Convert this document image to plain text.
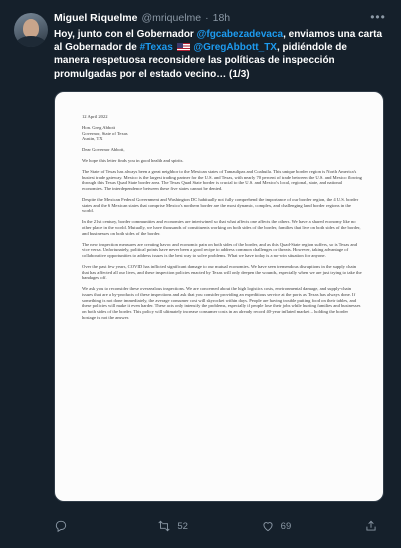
Miguel Riquelme @mriquelme · 18h	•••
Hoy, junto con el Gobernador @fgcabezadevaca, enviamos una carta al Gobernador de #Texas @GregAbbott_TX, pidiéndole de manera respetuosa reconsidere las políticas de inspección promulgadas por el estado vecino… (1/3)

12 April 2022

Hon. Greg Abbott
Governor, State of Texas
Austin, TX

Dear Governor Abbott,

We hope this letter finds you in good health and spirits.

The State of Texas has always been a great neighbor to the Mexican states of Tamaulipas and Coahuila. This unique border region is North America's busiest trade gateway. Mexico is the largest trading partner for the U.S. and Texas, with nearly 70 percent of trade between the U.S. and Mexico flowing through this Texas Quad State border area. The Texas Quad State border is crucial to the U.S. and Mexico's local, regional, state, and national economies. The interdependence between these five states cannot be denied.

Despite the Mexican Federal Government and Washington DC habitually not fully comprehend the importance of our border region, the 4 U.S. border states and the 6 Mexican states that comprise Mexico's northern border are the most dynamic, complex, and challenging land border regions in the world.

In the 21st century, border communities and economies are intertwined so that what affects one affects the others. We have a shared economy like no other place in the world. Mutually, we have thousands of constituents working on both sides of the border, families that live on both sides of the border, and businesses on both sides of the border.

The new inspection measures are creating havoc and economic pain on both sides of the border, and as this Quad-State region suffers, so is Texas and vice versa. Unfortunately, political points have never been a good recipe to address common challenges or threats. However, taking advantage of collaborative opportunities to address issues is the best way to solve problems. What we have today is a no-win situation for anyone.

Over the past few years, COVID has inflicted significant damage to our mutual economies. We have seen tremendous disruptions in the supply chain that has affected all our lives, and these inspection policies enacted by Texas will only deepen the wounds, especially when we are just trying to take the bandages off.

We ask you to reconsider these overzealous inspections. We are concerned about the high logistics costs, environmental damage, and supply-chain issues that are a by-products of these inspections and ask that you consider providing an expeditious service at the ports as Texas has always done. If something is not done immediately, the average consumer cost will skyrocket within days. People are having trouble putting food on their tables, and these policies will make it even harder. These acts only intensify the problems, especially if people lose their jobs while hurting families and businesses on both sides of the border. This policy will ultimately increase consumer costs in an already record 40-year inflated market – holding the border hostage is not the answer.

52	69
